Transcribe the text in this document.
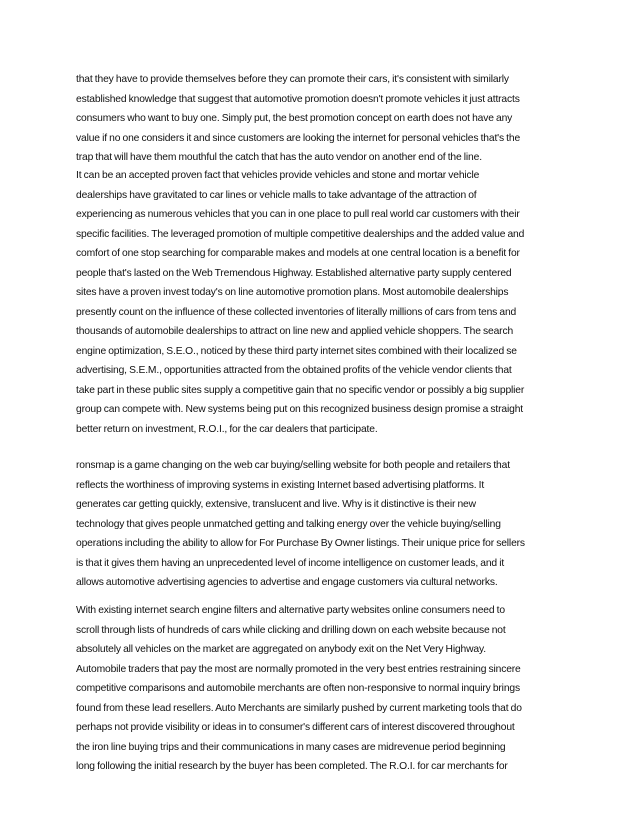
that they have to provide themselves before they can promote their cars, it's consistent with similarly
established knowledge that suggest that automotive promotion doesn't promote vehicles it just attracts
consumers who want to buy one. Simply put, the best promotion concept on earth does not have any
value if no one considers it and since customers are looking the internet for personal vehicles that's the
trap that will have them mouthful the catch that has the auto vendor on another end of the line.
It can be an accepted proven fact that vehicles provide vehicles and stone and mortar vehicle
dealerships have gravitated to car lines or vehicle malls to take advantage of the attraction of
experiencing as numerous vehicles that you can in one place to pull real world car customers with their
specific facilities. The leveraged promotion of multiple competitive dealerships and the added value and
comfort of one stop searching for comparable makes and models at one central location is a benefit for
people that's lasted on the Web Tremendous Highway. Established alternative party supply centered
sites have a proven invest today's on line automotive promotion plans. Most automobile dealerships
presently count on the influence of these collected inventories of literally millions of cars from tens and
thousands of automobile dealerships to attract on line new and applied vehicle shoppers. The search
engine optimization, S.E.O., noticed by these third party internet sites combined with their localized se
advertising, S.E.M., opportunities attracted from the obtained profits of the vehicle vendor clients that
take part in these public sites supply a competitive gain that no specific vendor or possibly a big supplier
group can compete with. New systems being put on this recognized business design promise a straight
better return on investment, R.O.I., for the car dealers that participate.
ronsmap is a game changing on the web car buying/selling website for both people and retailers that
reflects the worthiness of improving systems in existing Internet based advertising platforms. It
generates car getting quickly, extensive, translucent and live. Why is it distinctive is their new
technology that gives people unmatched getting and talking energy over the vehicle buying/selling
operations including the ability to allow for For Purchase By Owner listings. Their unique price for sellers
is that it gives them having an unprecedented level of income intelligence on customer leads, and it
allows automotive advertising agencies to advertise and engage customers via cultural networks.
With existing internet search engine filters and alternative party websites online consumers need to
scroll through lists of hundreds of cars while clicking and drilling down on each website because not
absolutely all vehicles on the market are aggregated on anybody exit on the Net Very Highway.
Automobile traders that pay the most are normally promoted in the very best entries restraining sincere
competitive comparisons and automobile merchants are often non-responsive to normal inquiry brings
found from these lead resellers. Auto Merchants are similarly pushed by current marketing tools that do
perhaps not provide visibility or ideas in to consumer's different cars of interest discovered throughout
the iron line buying trips and their communications in many cases are midrevenue period beginning
long following the initial research by the buyer has been completed. The R.O.I. for car merchants for
